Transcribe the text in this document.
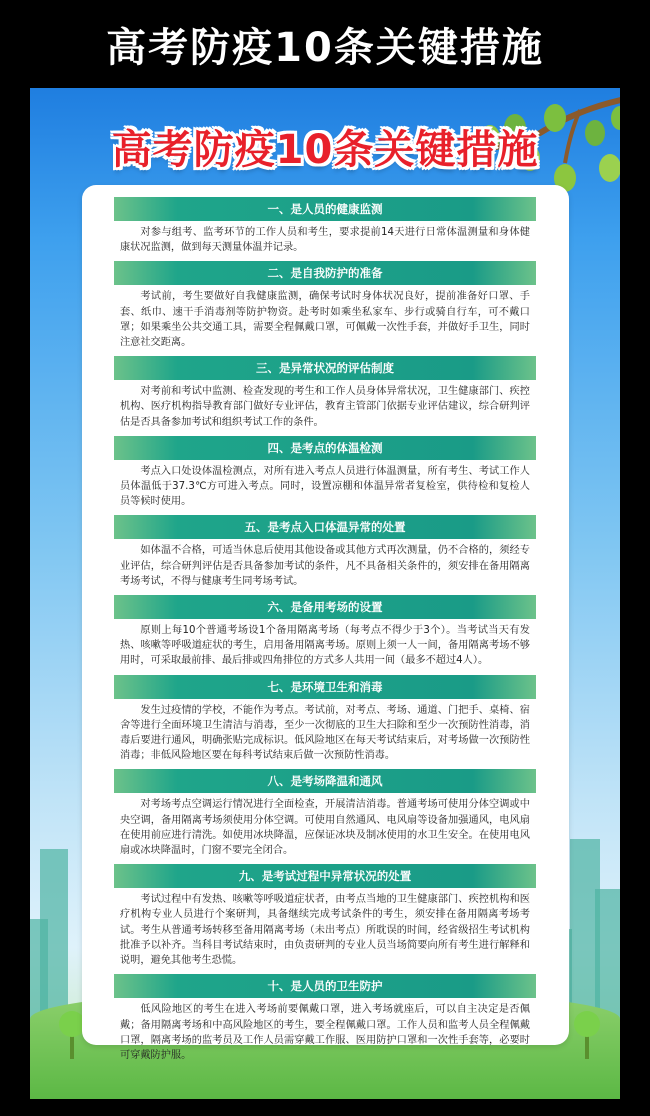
高考防疫10条关键措施
高考防疫10条关键措施
一、是人员的健康监测
对参与组考、监考环节的工作人员和考生，要求提前14天进行日常体温测量和身体健康状况监测，做到每天测量体温并记录。
二、是自我防护的准备
考试前，考生要做好自我健康监测，确保考试时身体状况良好，提前准备好口罩、手套、纸巾、速干手消毒剂等防护物资。赴考时如乘坐私家车、步行或骑自行车，可不戴口罩；如果乘坐公共交通工具，需要全程佩戴口罩，可佩戴一次性手套，并做好手卫生，同时注意社交距离。
三、是异常状况的评估制度
对考前和考试中监测、检查发现的考生和工作人员身体异常状况，卫生健康部门、疾控机构、医疗机构指导教育部门做好专业评估，教育主管部门依据专业评估建议，综合研判评估是否具备参加考试和组织考试工作的条件。
四、是考点的体温检测
考点入口处设体温检测点，对所有进入考点人员进行体温测量，所有考生、考试工作人员体温低于37.3℃方可进入考点。同时，设置凉棚和体温异常者复检室，供待检和复检人员等候时使用。
五、是考点入口体温异常的处置
如体温不合格，可适当休息后使用其他设备或其他方式再次测量，仍不合格的，须经专业评估，综合研判评估是否具备参加考试的条件，凡不具备相关条件的，须安排在备用隔离考场考试，不得与健康考生同考场考试。
六、是备用考场的设置
原则上每10个普通考场设1个备用隔离考场（每考点不得少于3个）。当考试当天有发热、咳嗽等呼吸道症状的考生，启用备用隔离考场。原则上须一人一间，备用隔离考场不够用时，可采取最前排、最后排或四角排位的方式多人共用一间（最多不超过4人）。
七、是环境卫生和消毒
发生过疫情的学校，不能作为考点。考试前，对考点、考场、通道、门把手、桌椅、宿舍等进行全面环境卫生清洁与消毒，至少一次彻底的卫生大扫除和至少一次预防性消毒，消毒后要进行通风，明确张贴完成标识。低风险地区在每天考试结束后，对考场做一次预防性消毒；非低风险地区要在每科考试结束后做一次预防性消毒。
八、是考场降温和通风
对考场考点空调运行情况进行全面检查，开展清洁消毒。普通考场可使用分体空调或中央空调，备用隔离考场须使用分体空调。可使用自然通风、电风扇等设备加强通风，电风扇在使用前应进行清洗。如使用冰块降温，应保证冰块及制冰使用的水卫生安全。在使用电风扇或冰块降温时，门窗不要完全闭合。
九、是考试过程中异常状况的处置
考试过程中有发热、咳嗽等呼吸道症状者，由考点当地的卫生健康部门、疾控机构和医疗机构专业人员进行个案研判，具备继续完成考试条件的考生，须安排在备用隔离考场考试。考生从普通考场转移至备用隔离考场（未出考点）所耽误的时间，经省级招生考试机构批准予以补齐。当科目考试结束时，由负责研判的专业人员当场简要向所有考生进行解释和说明，避免其他考生恐慌。
十、是人员的卫生防护
低风险地区的考生在进入考场前要佩戴口罩，进入考场就座后，可以自主决定是否佩戴；备用隔离考场和中高风险地区的考生，要全程佩戴口罩。工作人员和监考人员全程佩戴口罩，隔离考场的监考员及工作人员需穿戴工作服、医用防护口罩和一次性手套等，必要时可穿戴防护服。
